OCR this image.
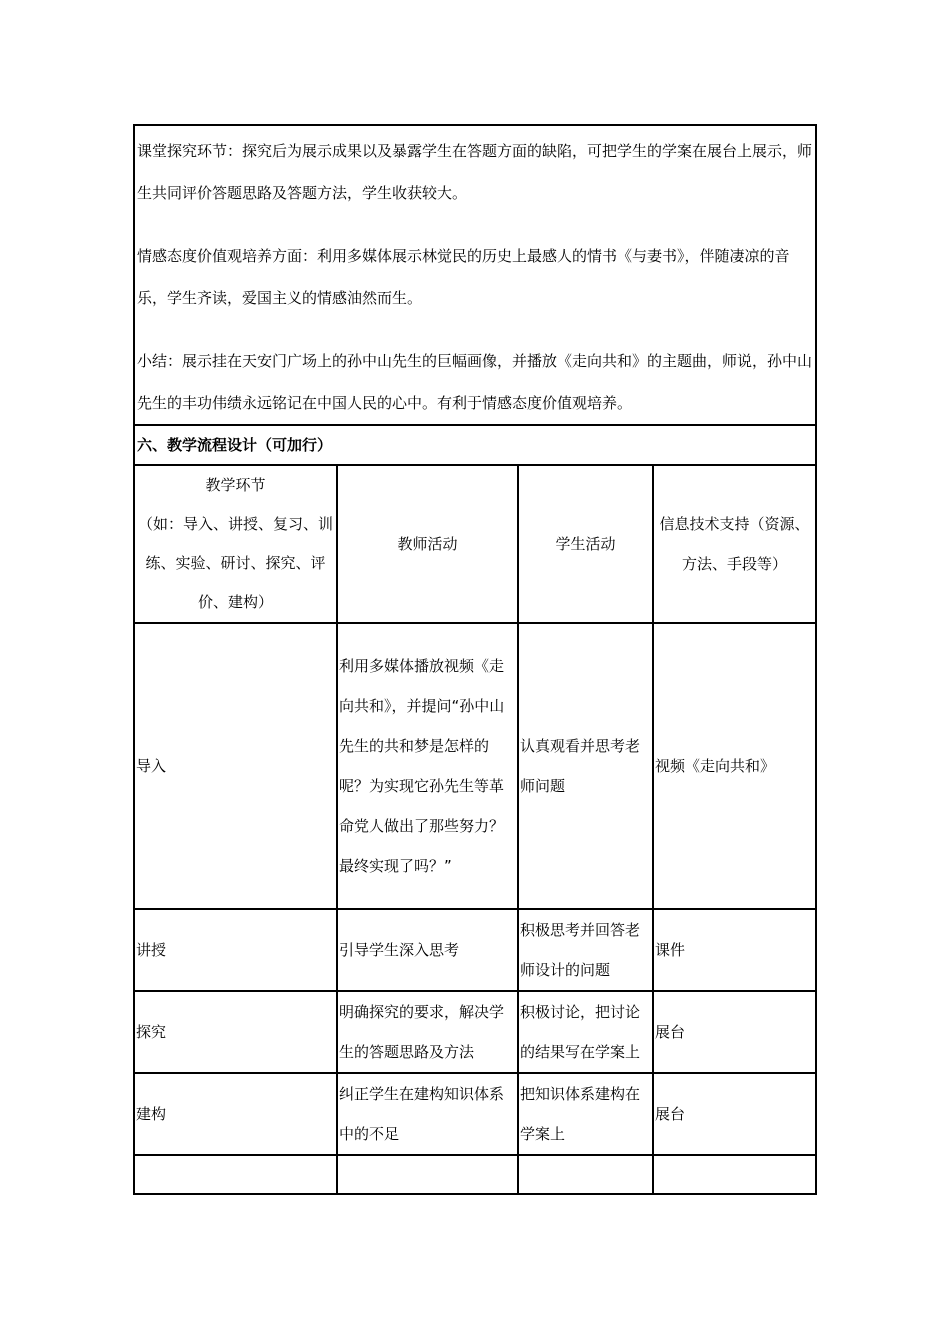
课堂探究环节：探究后为展示成果以及暴露学生在答题方面的缺陷，可把学生的学案在展台上展示，师生共同评价答题思路及答题方法，学生收获较大。

情感态度价值观培养方面：利用多媒体展示林觉民的历史上最感人的情书《与妻书》，伴随凄凉的音乐，学生齐读，爱国主义的情感油然而生。

小结：展示挂在天安门广场上的孙中山先生的巨幅画像，并播放《走向共和》的主题曲，师说，孙中山先生的丰功伟绩永远铭记在中国人民的心中。有利于情感态度价值观培养。			

六、教学流程设计（可加行）			

教学环节
（如：导入、讲授、复习、训练、实验、研讨、探究、评价、建构）	教师活动	学生活动	信息技术支持（资源、方法、手段等）
导入	利用多媒体播放视频《走向共和》，并提问“孙中山先生的共和梦是怎样的呢？为实现它孙先生等革命党人做出了那些努力？最终实现了吗？”	认真观看并思考老师问题	视频《走向共和》
讲授	引导学生深入思考	积极思考并回答老师设计的问题	课件
探究	明确探究的要求，解决学生的答题思路及方法	积极讨论，把讨论的结果写在学案上	展台
建构	纠正学生在建构知识体系中的不足	把知识体系建构在学案上	展台
